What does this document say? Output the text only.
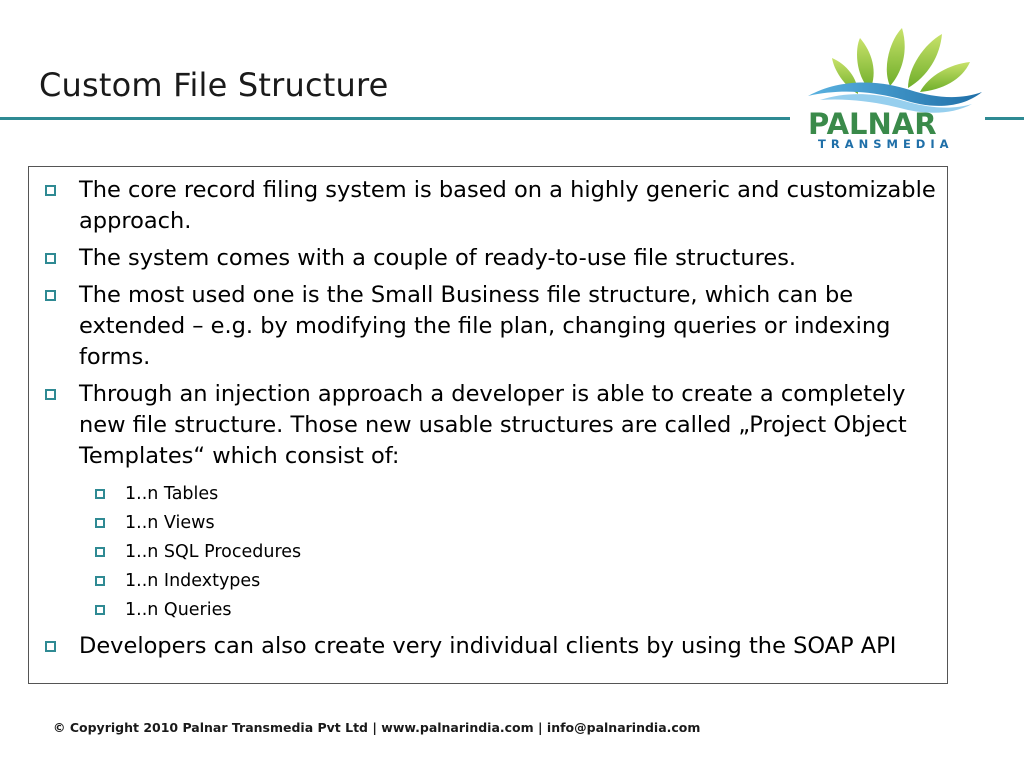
Custom File Structure
PALNAR
TRANSMEDIA
The core record filing system is based on a highly generic and customizable approach.
The system comes with a couple of ready-to-use file structures.
The most used one is the Small Business file structure, which can be extended – e.g. by modifying the file plan, changing queries or indexing forms.
Through an injection approach a developer is able to create a completely new file structure. Those new usable structures are called „Project Object Templates“ which consist of:
1..n Tables
1..n Views
1..n SQL Procedures
1..n Indextypes
1..n Queries
Developers can also create very individual clients by using the SOAP API
© Copyright 2010 Palnar Transmedia Pvt Ltd | www.palnarindia.com | info@palnarindia.com
